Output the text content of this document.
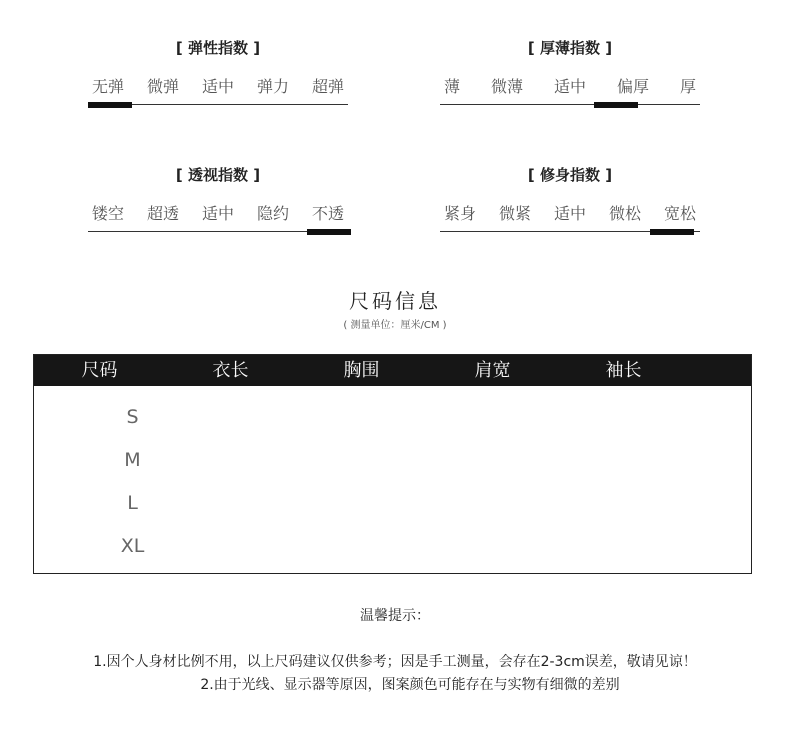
[ 弹性指数 ]
无弹 微弹 适中 弹力 超弹
[ 厚薄指数 ]
薄 微薄 适中 偏厚 厚
[ 透视指数 ]
镂空 超透 适中 隐约 不透
[ 修身指数 ]
紧身 微紧 适中 微松 宽松
尺码信息
( 测量单位：厘米/CM )
尺码	衣长	胸围	肩宽	袖长
S
M
L
XL
温馨提示：
1.因个人身材比例不用，以上尺码建议仅供参考；因是手工测量，会存在2-3cm误差，敬请见谅！
2.由于光线、显示器等原因，图案颜色可能存在与实物有细微的差别
